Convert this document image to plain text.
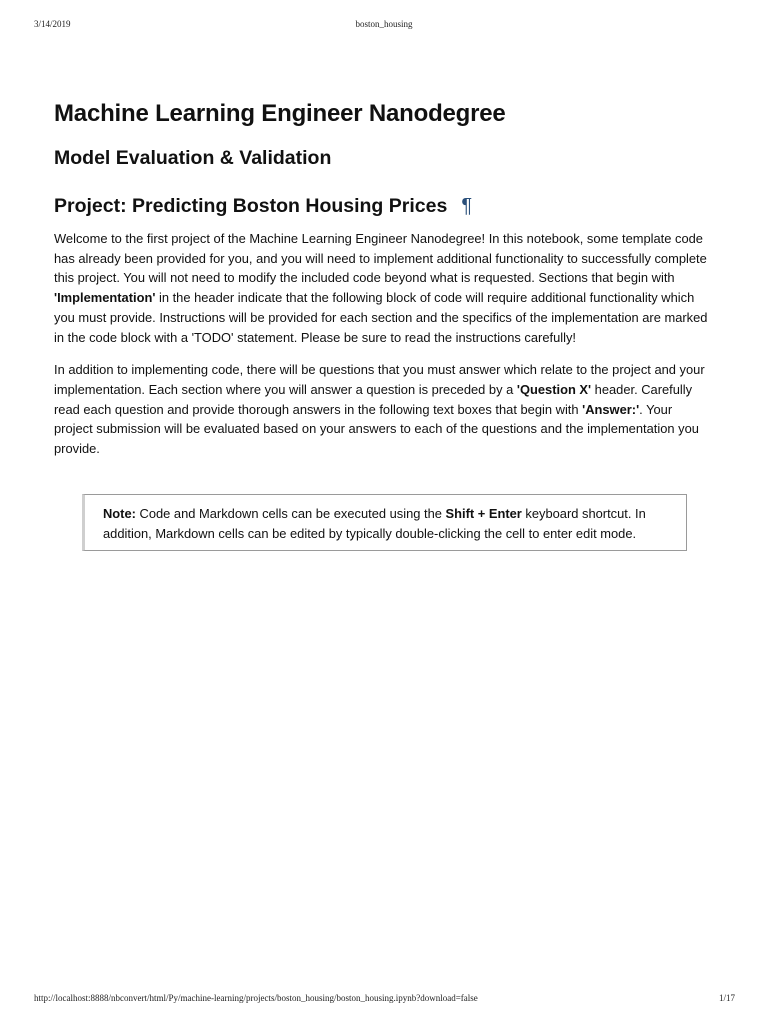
3/14/2019	boston_housing
Machine Learning Engineer Nanodegree
Model Evaluation & Validation
Project: Predicting Boston Housing Prices ¶

Welcome to the first project of the Machine Learning Engineer Nanodegree! In this notebook, some template code has already been provided for you, and you will need to implement additional functionality to successfully complete this project. You will not need to modify the included code beyond what is requested. Sections that begin with 'Implementation' in the header indicate that the following block of code will require additional functionality which you must provide. Instructions will be provided for each section and the specifics of the implementation are marked in the code block with a 'TODO' statement. Please be sure to read the instructions carefully!

In addition to implementing code, there will be questions that you must answer which relate to the project and your implementation. Each section where you will answer a question is preceded by a 'Question X' header. Carefully read each question and provide thorough answers in the following text boxes that begin with 'Answer:'. Your project submission will be evaluated based on your answers to each of the questions and the implementation you provide.

Note: Code and Markdown cells can be executed using the Shift + Enter keyboard shortcut. In addition, Markdown cells can be edited by typically double-clicking the cell to enter edit mode.
http://localhost:8888/nbconvert/html/Py/machine-learning/projects/boston_housing/boston_housing.ipynb?download=false	1/17
